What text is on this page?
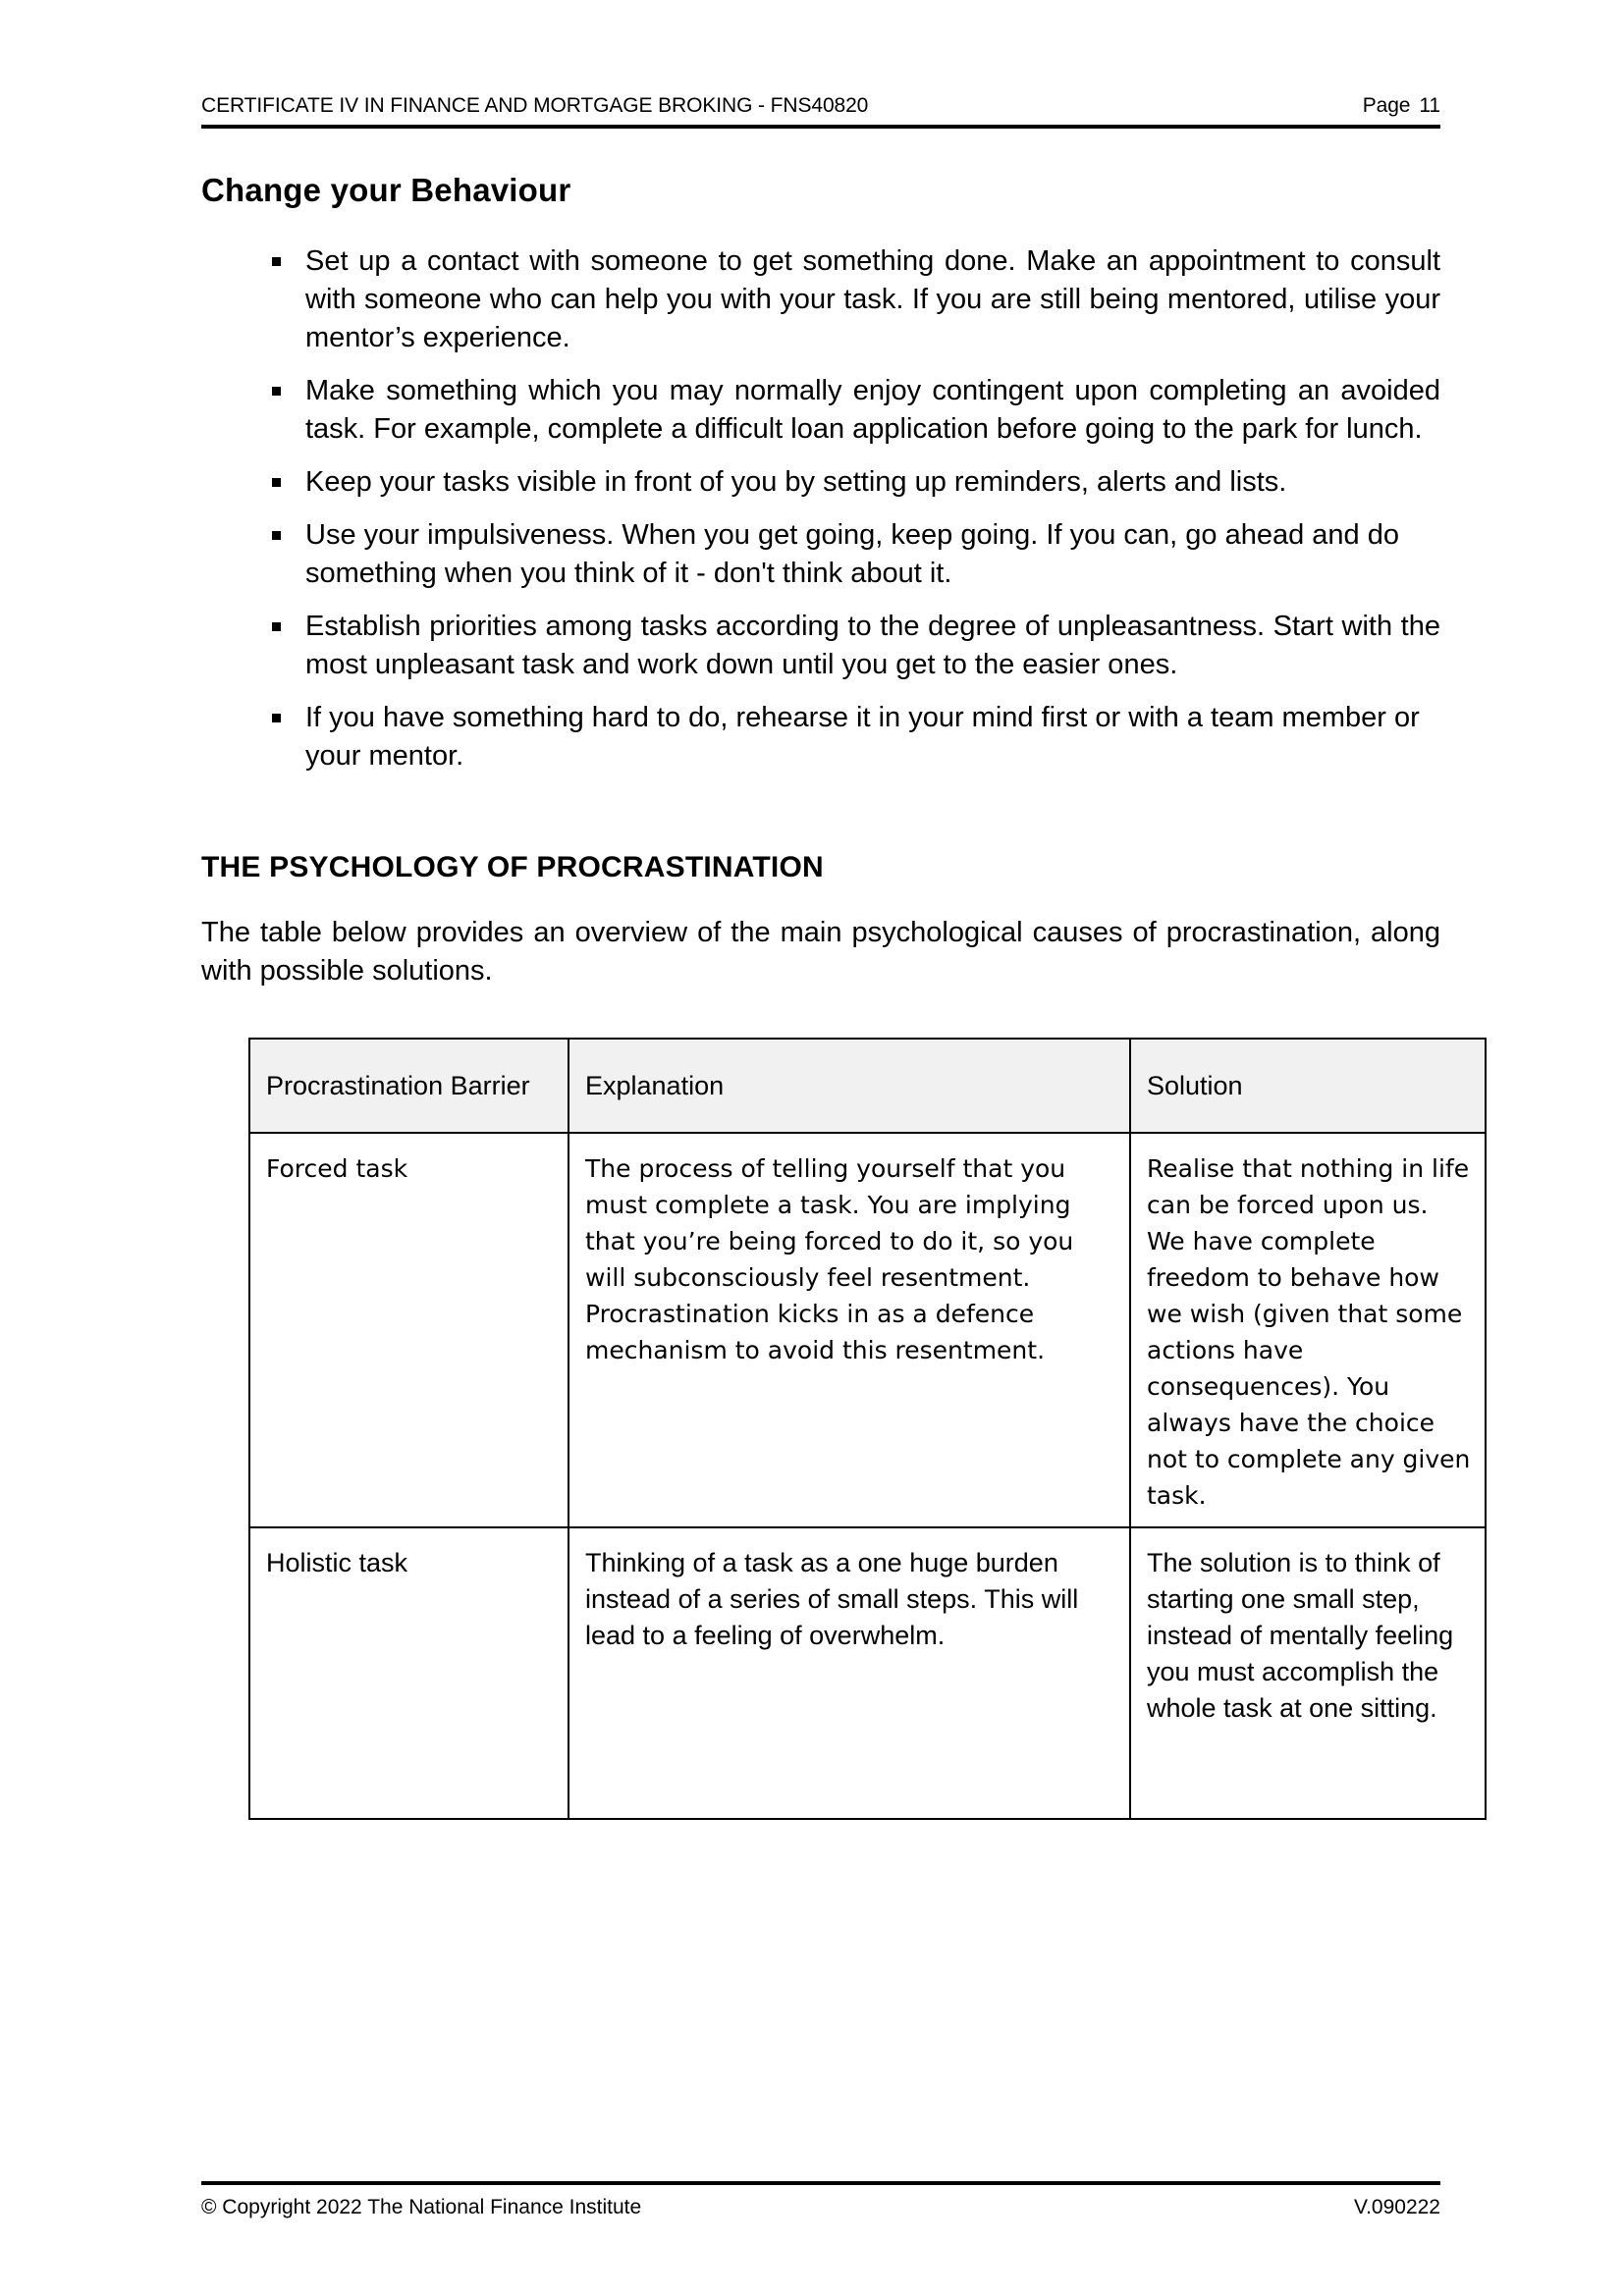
CERTIFICATE IV IN FINANCE AND MORTGAGE BROKING - FNS40820	Page 11
Change your Behaviour
Set up a contact with someone to get something done. Make an appointment to consult with someone who can help you with your task. If you are still being mentored, utilise your mentor’s experience.
Make something which you may normally enjoy contingent upon completing an avoided task. For example, complete a difficult loan application before going to the park for lunch.
Keep your tasks visible in front of you by setting up reminders, alerts and lists.
Use your impulsiveness. When you get going, keep going. If you can, go ahead and do something when you think of it - don't think about it.
Establish priorities among tasks according to the degree of unpleasantness. Start with the most unpleasant task and work down until you get to the easier ones.
If you have something hard to do, rehearse it in your mind first or with a team member or your mentor.
THE PSYCHOLOGY OF PROCRASTINATION

The table below provides an overview of the main psychological causes of procrastination, along with possible solutions.

Procrastination Barrier	Explanation	Solution
Forced task	The process of telling yourself that you must complete a task. You are implying that you’re being forced to do it, so you will subconsciously feel resentment. Procrastination kicks in as a defence mechanism to avoid this resentment.	Realise that nothing in life can be forced upon us. We have complete freedom to behave how we wish (given that some actions have consequences). You always have the choice not to complete any given task.
Holistic task	Thinking of a task as a one huge burden instead of a series of small steps. This will lead to a feeling of overwhelm.	The solution is to think of starting one small step, instead of mentally feeling you must accomplish the whole task at one sitting.
© Copyright 2022 The National Finance Institute	V.090222
